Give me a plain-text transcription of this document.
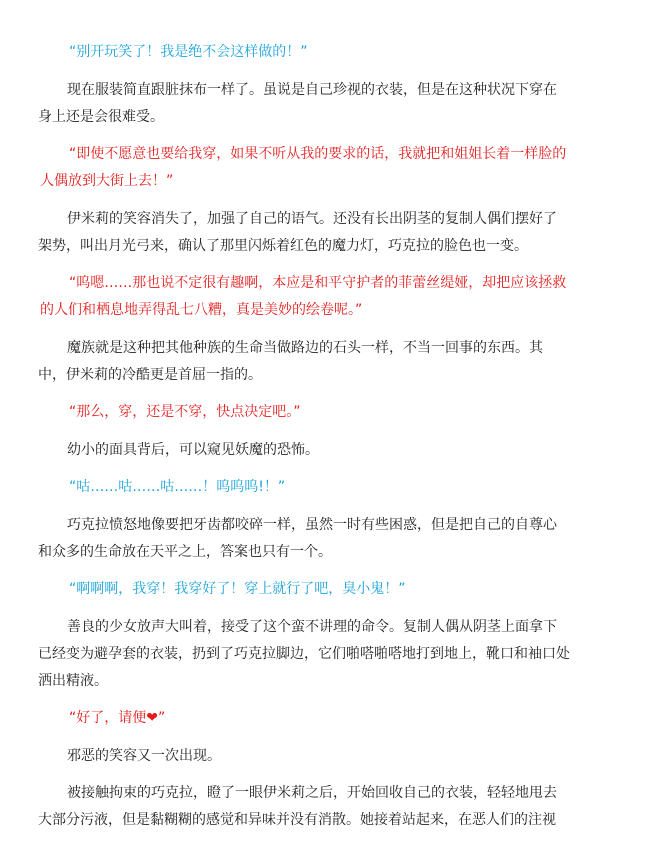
“别开玩笑了！我是绝不会这样做的！”

现在服装简直跟脏抹布一样了。虽说是自己珍视的衣装，但是在这种状况下穿在
身上还是会很难受。

“即使不愿意也要给我穿，如果不听从我的要求的话，我就把和姐姐长着一样脸的
人偶放到大街上去！”

伊米莉的笑容消失了，加强了自己的语气。还没有长出阴茎的复制人偶们摆好了
架势，叫出月光弓来，确认了那里闪烁着红色的魔力灯，巧克拉的脸色也一变。

“呜嗯……那也说不定很有趣啊，本应是和平守护者的菲蕾丝缇娅，却把应该拯救
的人们和栖息地弄得乱七八糟，真是美妙的绘卷呢。”

魔族就是这种把其他种族的生命当做路边的石头一样，不当一回事的东西。其
中，伊米莉的冷酷更是首屈一指的。

“那么，穿，还是不穿，快点决定吧。”

幼小的面具背后，可以窥见妖魔的恐怖。

“咕……咕……咕……！呜呜呜!！”

巧克拉愤怒地像要把牙齿都咬碎一样，虽然一时有些困惑，但是把自己的自尊心
和众多的生命放在天平之上，答案也只有一个。

“啊啊啊，我穿！我穿好了！穿上就行了吧，臭小鬼！”

善良的少女放声大叫着，接受了这个蛮不讲理的命令。复制人偶从阴茎上面拿下
已经变为避孕套的衣装，扔到了巧克拉脚边，它们啪嗒啪嗒地打到地上，靴口和袖口处
洒出精液。

“好了，请便❤”

邪恶的笑容又一次出现。

被接触拘束的巧克拉，瞪了一眼伊米莉之后，开始回收自己的衣装，轻轻地甩去
大部分污液，但是黏糊糊的感觉和异味并没有消散。她接着站起来，在恶人们的注视
